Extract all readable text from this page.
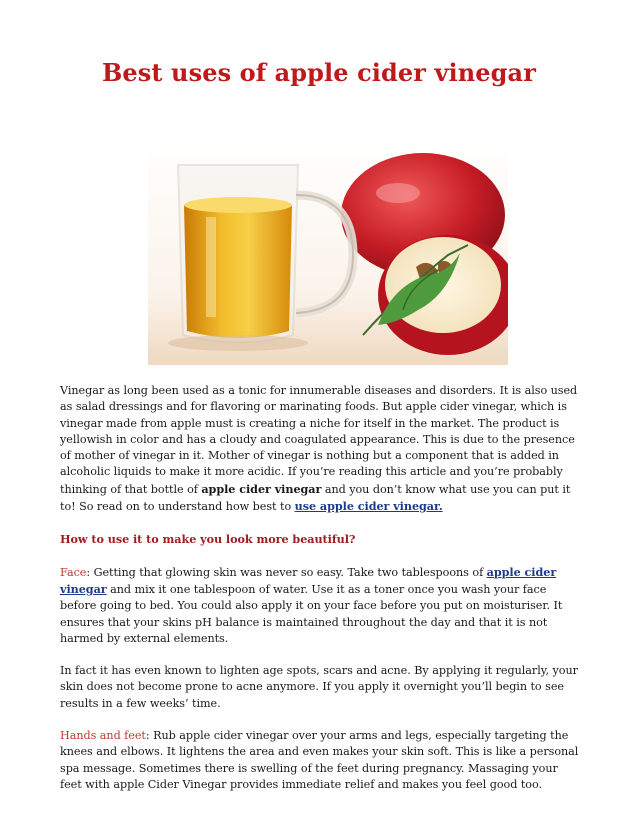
Best uses of apple cider vinegar

Vinegar as long been used as a tonic for innumerable diseases and disorders. It is also used as salad dressings and for flavoring or marinating foods. But apple cider vinegar, which is vinegar made from apple must is creating a niche for itself in the market. The product is yellowish in color and has a cloudy and coagulated appearance. This is due to the presence of mother of vinegar in it. Mother of vinegar is nothing but a component that is added in alcoholic liquids to make it more acidic. If you’re reading this article and you’re probably thinking of that bottle of apple cider vinegar and you don’t know what use you can put it to! So read on to understand how best to use apple cider vinegar.

How to use it to make you look more beautiful?

Face: Getting that glowing skin was never so easy. Take two tablespoons of apple cider vinegar and mix it one tablespoon of water. Use it as a toner once you wash your face before going to bed. You could also apply it on your face before you put on moisturiser. It ensures that your skins pH balance is maintained throughout the day and that it is not harmed by external elements.

In fact it has even known to lighten age spots, scars and acne. By applying it regularly, your skin does not become prone to acne anymore. If you apply it overnight you’ll begin to see results in a few weeks’ time.

Hands and feet: Rub apple cider vinegar over your arms and legs, especially targeting the knees and elbows. It lightens the area and even makes your skin soft. This is like a personal spa message. Sometimes there is swelling of the feet during pregnancy. Massaging your feet with apple Cider Vinegar provides immediate relief and makes you feel good too.
